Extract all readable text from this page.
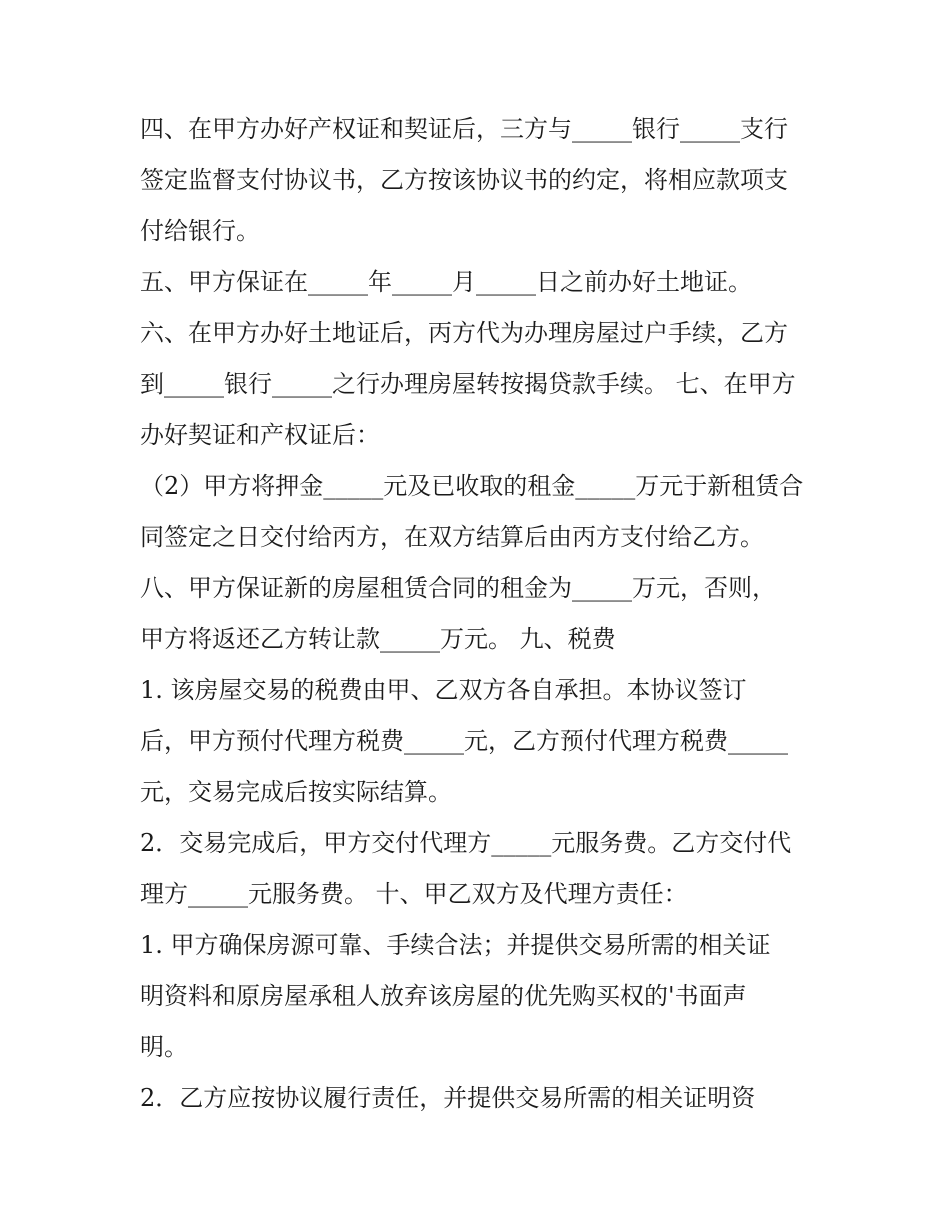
四、在甲方办好产权证和契证后，三方与_____银行_____支行
签定监督支付协议书，乙方按该协议书的约定，将相应款项支
付给银行。
五、甲方保证在_____年_____月_____日之前办好土地证。
六、在甲方办好土地证后，丙方代为办理房屋过户手续，乙方
到_____银行_____之行办理房屋转按揭贷款手续。 七、在甲方
办好契证和产权证后：
（2）甲方将押金_____元及已收取的租金_____万元于新租赁合
同签定之日交付给丙方，在双方结算后由丙方支付给乙方。
八、甲方保证新的房屋租赁合同的租金为_____万元，否则，
甲方将返还乙方转让款_____万元。 九、税费
1. 该房屋交易的税费由甲、乙双方各自承担。本协议签订
后，甲方预付代理方税费_____元，乙方预付代理方税费_____
元，交易完成后按实际结算。
2．交易完成后，甲方交付代理方_____元服务费。乙方交付代
理方_____元服务费。 十、甲乙双方及代理方责任：
1. 甲方确保房源可靠、手续合法；并提供交易所需的相关证
明资料和原房屋承租人放弃该房屋的优先购买权的'书面声
明。
2．乙方应按协议履行责任，并提供交易所需的相关证明资
